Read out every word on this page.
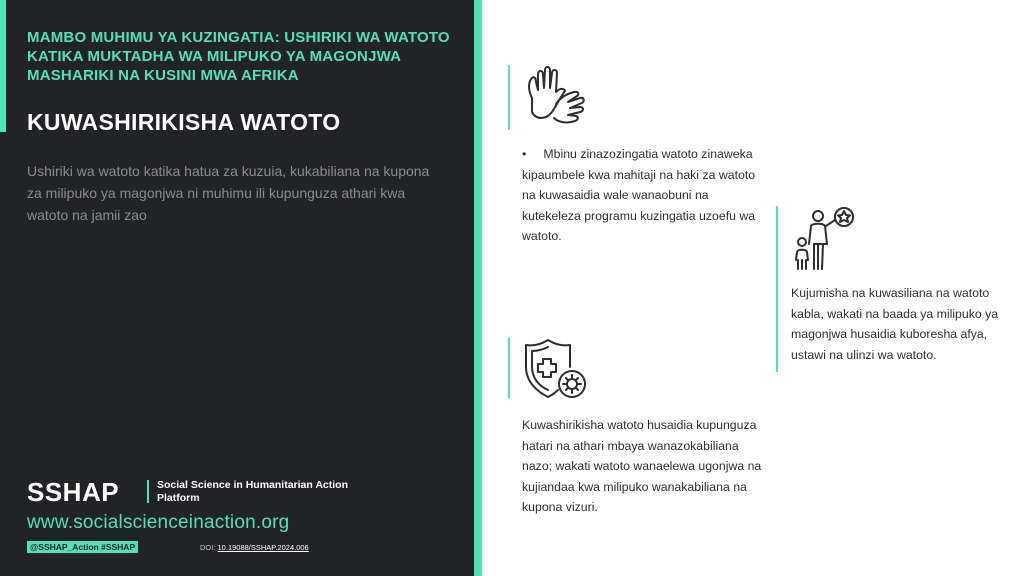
MAMBO MUHIMU YA KUZINGATIA: USHIRIKI WA WATOTO KATIKA MUKTADHA WA MILIPUKO YA MAGONJWA MASHARIKI NA KUSINI MWA AFRIKA

KUWASHIRIKISHA WATOTO

Ushiriki wa watoto katika hatua za kuzuia, kukabiliana na kupona za milipuko ya magonjwa ni muhimu ili kupunguza athari kwa watoto na jamii zao

SSHAP	Social Science in Humanitarian Action Platform
www.socialscienceinaction.org
@SSHAP_Action #SSHAP	DOI: 10.19088/SSHAP.2024.006

• Mbinu zinazozingatia watoto zinaweka kipaumbele kwa mahitaji na haki za watoto na kuwasaidia wale wanaobuni na kutekeleza programu kuzingatia uzoefu wa watoto.

Kujumisha na kuwasiliana na watoto kabla, wakati na baada ya milipuko ya magonjwa husaidia kuboresha afya, ustawi na ulinzi wa watoto.

Kuwashirikisha watoto husaidia kupunguza hatari na athari mbaya wanazokabiliana nazo; wakati watoto wanaelewa ugonjwa na kujiandaa kwa milipuko wanakabiliana na kupona vizuri.
